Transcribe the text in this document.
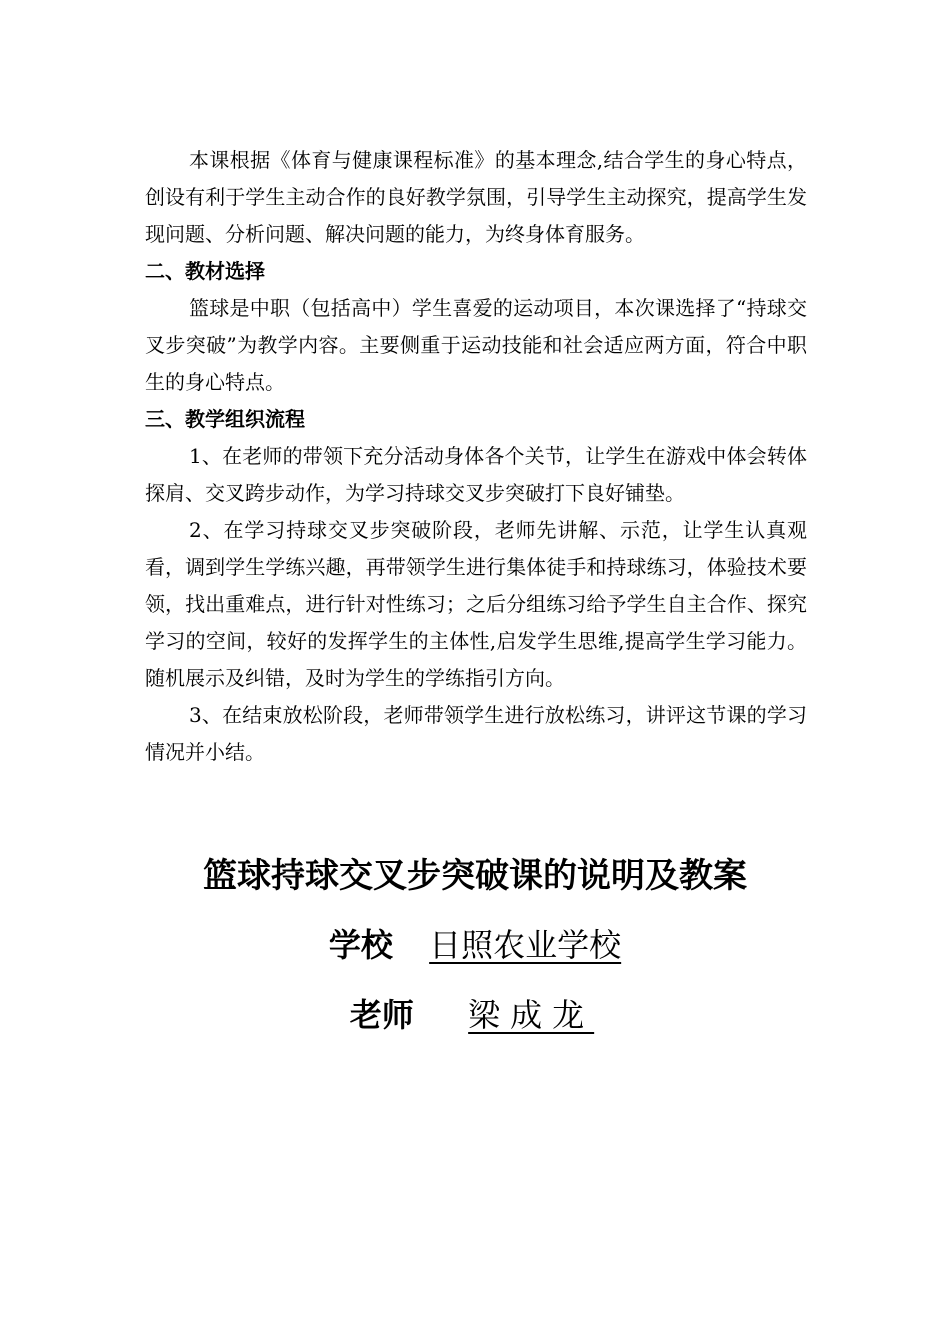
本课根据《体育与健康课程标准》的基本理念,结合学生的身心特点，创设有利于学生主动合作的良好教学氛围，引导学生主动探究，提高学生发现问题、分析问题、解决问题的能力，为终身体育服务。

二、教材选择

篮球是中职（包括高中）学生喜爱的运动项目，本次课选择了“持球交叉步突破”为教学内容。主要侧重于运动技能和社会适应两方面，符合中职生的身心特点。

三、教学组织流程

1、在老师的带领下充分活动身体各个关节，让学生在游戏中体会转体探肩、交叉跨步动作，为学习持球交叉步突破打下良好铺垫。

2、在学习持球交叉步突破阶段，老师先讲解、示范，让学生认真观看，调到学生学练兴趣，再带领学生进行集体徒手和持球练习，体验技术要领，找出重难点，进行针对性练习；之后分组练习给予学生自主合作、探究学习的空间，较好的发挥学生的主体性,启发学生思维,提高学生学习能力。随机展示及纠错，及时为学生的学练指引方向。

3、在结束放松阶段，老师带领学生进行放松练习，讲评这节课的学习情况并小结。

篮球持球交叉步突破课的说明及教案
学校 日照农业学校
老师 梁成龙
